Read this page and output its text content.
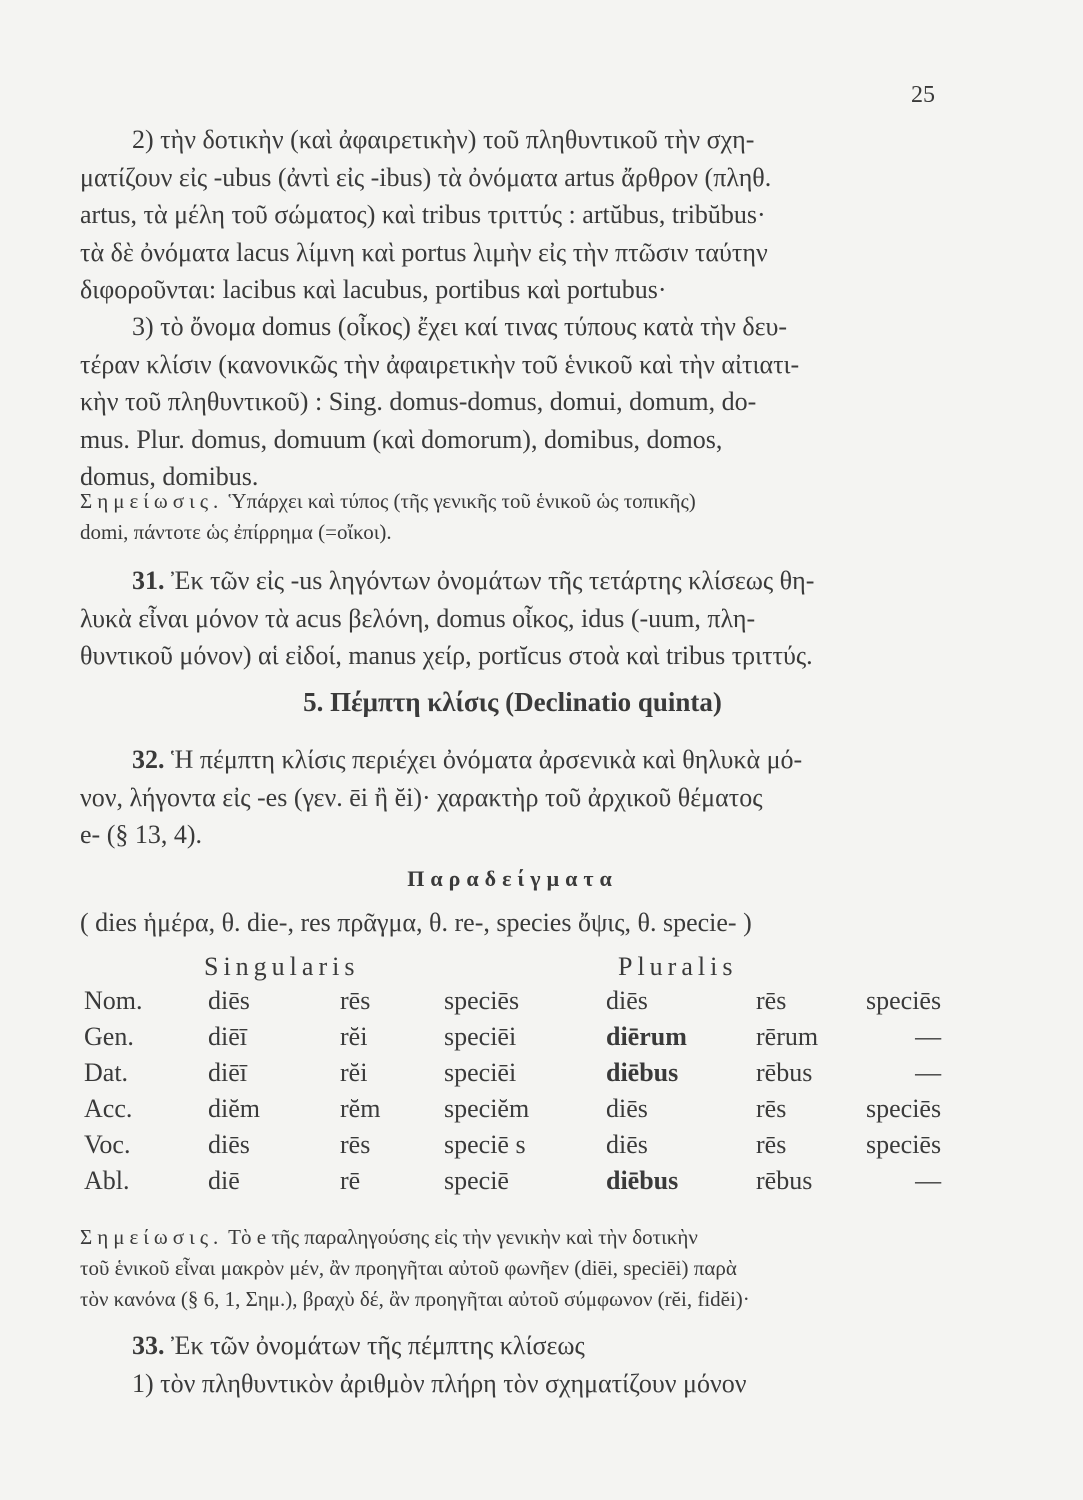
25

2) τὴν δοτικὴν (καὶ ἀφαιρετικὴν) τοῦ πληθυντικοῦ τὴν σχη-

ματίζουν εἰς -ubus (ἀντὶ εἰς -ibus) τὰ ὀνόματα artus ἄρθρον (πληθ.

artus, τὰ μέλη τοῦ σώματος) καὶ tribus τριττύς : artŭbus, tribŭbus·

τὰ δὲ ὀνόματα lacus λίμνη καὶ portus λιμὴν εἰς τὴν πτῶσιν ταύτην

διφοροῦνται: lacibus καὶ lacubus, portibus καὶ portubus·

3) τὸ ὄνομα domus (οἶκος) ἔχει καί τινας τύπους κατὰ τὴν δευ-

τέραν κλίσιν (κανονικῶς τὴν ἀφαιρετικὴν τοῦ ἑνικοῦ καὶ τὴν αἰτιατι-

κὴν τοῦ πληθυντικοῦ) : Sing. domus-domus, domui, domum, do-

mus. Plur. domus, domuum (καὶ domorum), domibus, domos,

domus, domibus.

Σημείωσις. Ὑπάρχει καὶ τύπος (τῆς γενικῆς τοῦ ἑνικοῦ ὡς τοπικῆς)

domi, πάντοτε ὡς ἐπίρρημα (=οἴκοι).

31. Ἐκ τῶν εἰς -us ληγόντων ὀνομάτων τῆς τετάρτης κλίσεως θη-

λυκὰ εἶναι μόνον τὰ acus βελόνη, domus οἶκος, idus (-uum, πλη-

θυντικοῦ μόνον) αἱ εἰδοί, manus χείρ, portĭcus στοὰ καὶ tribus τριττύς.

5. Πέμπτη κλίσις (Declinatio quinta)

32. Ἡ πέμπτη κλίσις περιέχει ὀνόματα ἀρσενικὰ καὶ θηλυκὰ μό-

νον, λήγοντα εἰς -es (γεν. ēi ἢ ĕi)· χαρακτὴρ τοῦ ἀρχικοῦ θέματος

e- (§ 13, 4).

Παραδείγματα
( dies ἡμέρα, θ. die-, res πρᾶγμα, θ. re-, species ὄψις, θ. specie- )
Singularis	Pluralis
Nom.	diēs	rēs	speciēs	diēs	rēs	speciēs
Gen.	diēī	rĕi	speciēi	diērum	rērum	—
Dat.	diēī	rĕi	speciēi	diēbus	rēbus	—
Acc.	diĕm	rĕm	speciĕm	diēs	rēs	speciēs
Voc.	diēs	rēs	speciē s	diēs	rēs	speciēs
Abl.	diē	rē	speciē	diēbus	rēbus	—

Σημείωσις. Τὸ e τῆς παραληγούσης εἰς τὴν γενικὴν καὶ τὴν δοτικὴν

τοῦ ἑνικοῦ εἶναι μακρὸν μέν, ἂν προηγῆται αὐτοῦ φωνῆεν (diēi, speciēi) παρὰ

τὸν κανόνα (§ 6, 1, Σημ.), βραχὺ δέ, ἂν προηγῆται αὐτοῦ σύμφωνον (rĕi, fidĕi)·

33. Ἐκ τῶν ὀνομάτων τῆς πέμπτης κλίσεως

1) τὸν πληθυντικὸν ἀριθμὸν πλήρη τὸν σχηματίζουν μόνον
